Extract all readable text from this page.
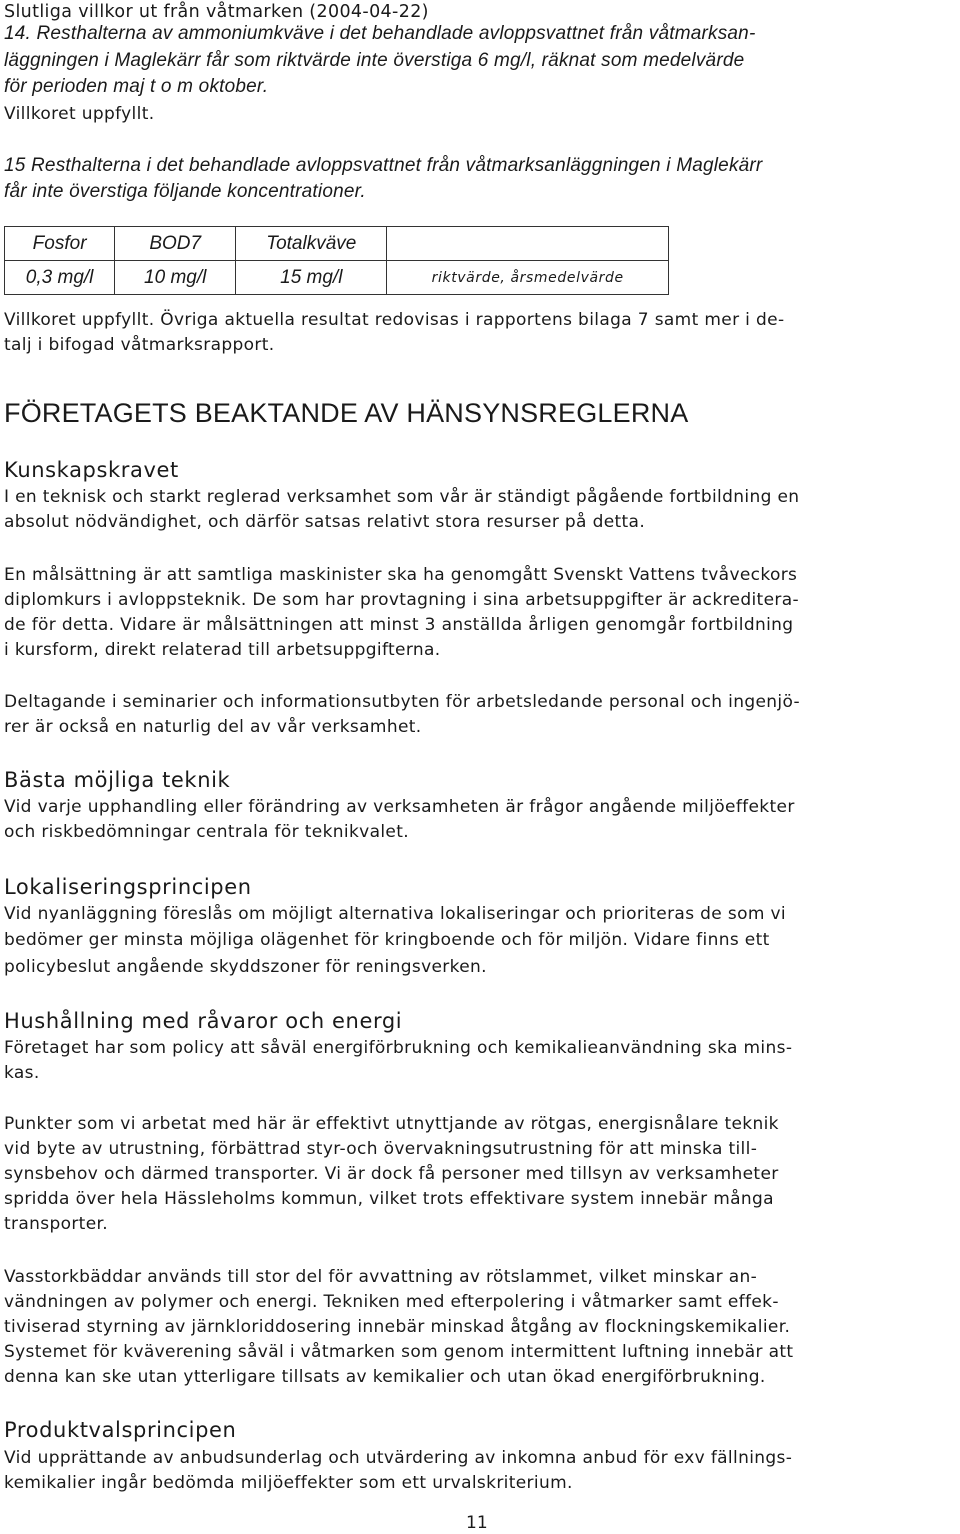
Slutliga villkor ut från våtmarken (2004-04-22)
14. Resthalterna av ammoniumkväve i det behandlade avloppsvattnet från våtmarksan-
läggningen i Maglekärr får som riktvärde inte överstiga 6 mg/l, räknat som medelvärde
för perioden maj t o m oktober.
Villkoret uppfyllt.
15 Resthalterna i det behandlade avloppsvattnet från våtmarksanläggningen i Maglekärr
får inte överstiga följande koncentrationer.
Fosfor	BOD7	Totalkväve	
0,3 mg/l	10 mg/l	15 mg/l	riktvärde, årsmedelvärde
Villkoret uppfyllt. Övriga aktuella resultat redovisas i rapportens bilaga 7 samt mer i de-
talj i bifogad våtmarksrapport.
FÖRETAGETS BEAKTANDE AV HÄNSYNSREGLERNA
Kunskapskravet
I en teknisk och starkt reglerad verksamhet som vår är ständigt pågående fortbildning en
absolut nödvändighet, och därför satsas relativt stora resurser på detta.
En målsättning är att samtliga maskinister ska ha genomgått Svenskt Vattens tvåveckors
diplomkurs i avloppsteknik. De som har provtagning i sina arbetsuppgifter är ackreditera-
de för detta. Vidare är målsättningen att minst 3 anställda årligen genomgår fortbildning
i kursform, direkt relaterad till arbetsuppgifterna.
Deltagande i seminarier och informationsutbyten för arbetsledande personal och ingenjö-
rer är också en naturlig del av vår verksamhet.
Bästa möjliga teknik
Vid varje upphandling eller förändring av verksamheten är frågor angående miljöeffekter
och riskbedömningar centrala för teknikvalet.
Lokaliseringsprincipen
Vid nyanläggning föreslås om möjligt alternativa lokaliseringar och prioriteras de som vi
bedömer ger minsta möjliga olägenhet för kringboende och för miljön. Vidare finns ett
policybeslut angående skyddszoner för reningsverken.
Hushållning med råvaror och energi
Företaget har som policy att såväl energiförbrukning och kemikalieanvändning ska mins-
kas.
Punkter som vi arbetat med här är effektivt utnyttjande av rötgas, energisnålare teknik
vid byte av utrustning, förbättrad styr-och övervakningsutrustning för att minska till-
synsbehov och därmed transporter. Vi är dock få personer med tillsyn av verksamheter
spridda över hela Hässleholms kommun, vilket trots effektivare system innebär många
transporter.
Vasstorkbäddar används till stor del för avvattning av rötslammet, vilket minskar an-
vändningen av polymer och energi. Tekniken med efterpolering i våtmarker samt effek-
tiviserad styrning av järnkloriddosering innebär minskad åtgång av flockningskemikalier.
Systemet för kväverening såväl i våtmarken som genom intermittent luftning innebär att
denna kan ske utan ytterligare tillsats av kemikalier och utan ökad energiförbrukning.
Produktvalsprincipen
Vid upprättande av anbudsunderlag och utvärdering av inkomna anbud för exv fällnings-
kemikalier ingår bedömda miljöeffekter som ett urvalskriterium.
11
